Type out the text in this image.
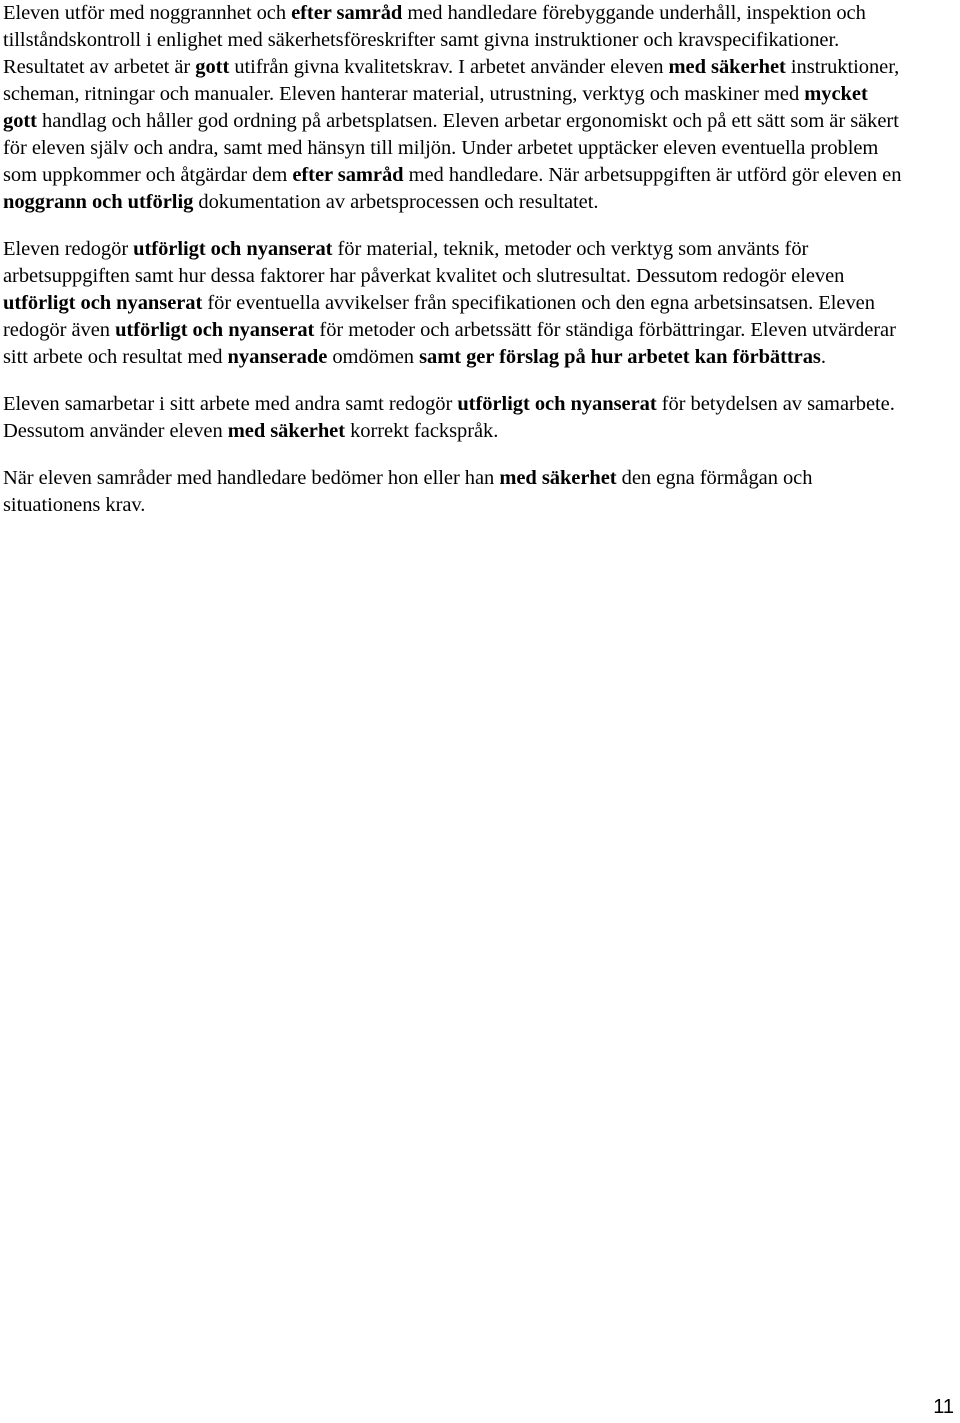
Eleven utför med noggrannhet och efter samråd med handledare förebyggande underhåll, inspektion och tillståndskontroll i enlighet med säkerhetsföreskrifter samt givna instruktioner och kravspecifikationer. Resultatet av arbetet är gott utifrån givna kvalitetskrav. I arbetet använder eleven med säkerhet instruktioner, scheman, ritningar och manualer. Eleven hanterar material, utrustning, verktyg och maskiner med mycket gott handlag och håller god ordning på arbetsplatsen. Eleven arbetar ergonomiskt och på ett sätt som är säkert för eleven själv och andra, samt med hänsyn till miljön. Under arbetet upptäcker eleven eventuella problem som uppkommer och åtgärdar dem efter samråd med handledare. När arbetsuppgiften är utförd gör eleven en noggrann och utförlig dokumentation av arbetsprocessen och resultatet.

Eleven redogör utförligt och nyanserat för material, teknik, metoder och verktyg som använts för arbetsuppgiften samt hur dessa faktorer har påverkat kvalitet och slutresultat. Dessutom redogör eleven utförligt och nyanserat för eventuella avvikelser från specifikationen och den egna arbetsinsatsen. Eleven redogör även utförligt och nyanserat för metoder och arbetssätt för ständiga förbättringar. Eleven utvärderar sitt arbete och resultat med nyanserade omdömen samt ger förslag på hur arbetet kan förbättras.

Eleven samarbetar i sitt arbete med andra samt redogör utförligt och nyanserat för betydelsen av samarbete. Dessutom använder eleven med säkerhet korrekt fackspråk.

När eleven samråder med handledare bedömer hon eller han med säkerhet den egna förmågan och situationens krav.

11
